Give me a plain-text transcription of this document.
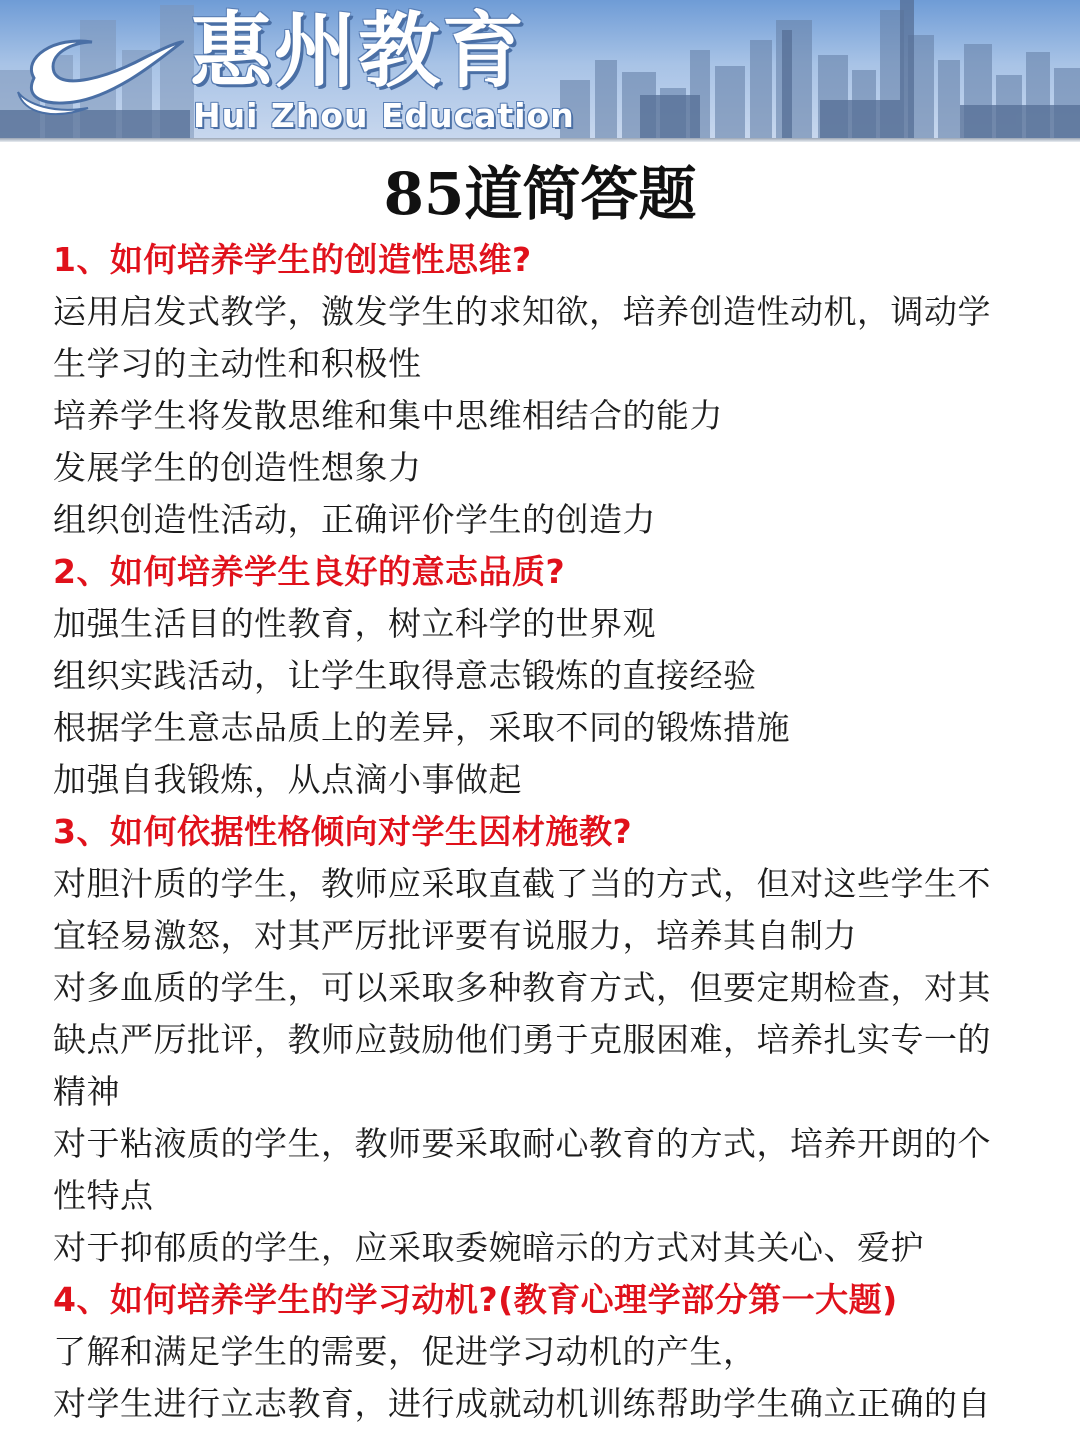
惠州教育
Hui Zhou Education
85道简答题
1、如何培养学生的创造性思维?
运用启发式教学，激发学生的求知欲，培养创造性动机，调动学
生学习的主动性和积极性
培养学生将发散思维和集中思维相结合的能力
发展学生的创造性想象力
组织创造性活动，正确评价学生的创造力
2、如何培养学生良好的意志品质?
加强生活目的性教育，树立科学的世界观
组织实践活动，让学生取得意志锻炼的直接经验
根据学生意志品质上的差异，采取不同的锻炼措施
加强自我锻炼，从点滴小事做起
3、如何依据性格倾向对学生因材施教?
对胆汁质的学生，教师应采取直截了当的方式，但对这些学生不
宜轻易激怒，对其严厉批评要有说服力，培养其自制力
对多血质的学生，可以采取多种教育方式，但要定期检查，对其
缺点严厉批评，教师应鼓励他们勇于克服困难，培养扎实专一的
精神
对于粘液质的学生，教师要采取耐心教育的方式，培养开朗的个
性特点
对于抑郁质的学生，应采取委婉暗示的方式对其关心、爱护
4、如何培养学生的学习动机?(教育心理学部分第一大题)
了解和满足学生的需要，促进学习动机的产生，
对学生进行立志教育，进行成就动机训练帮助学生确立正确的自
